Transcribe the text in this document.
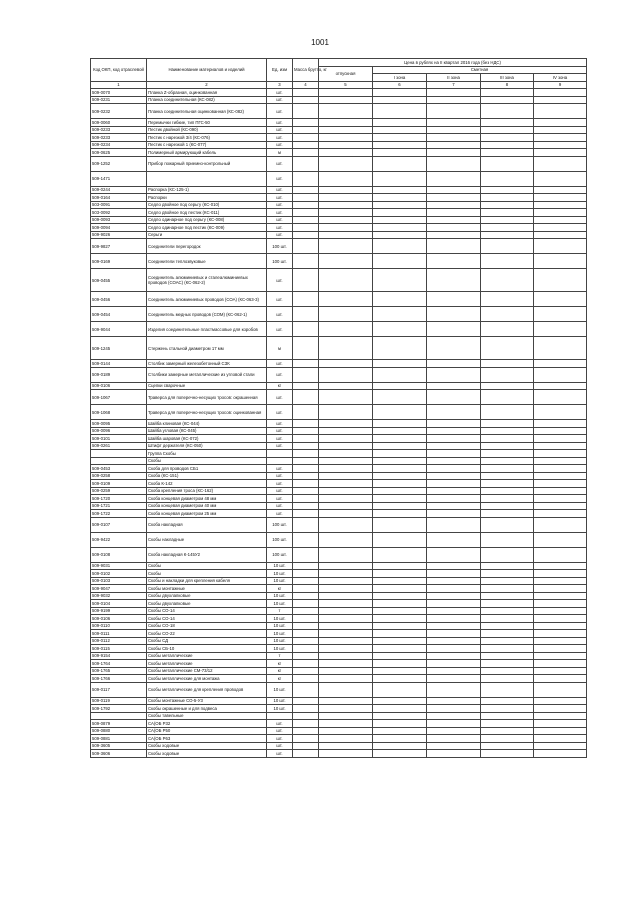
1001
Код ОКП, код отраслевой	Наименование материалов и изделий	Ед. изм	Масса брутто, кг	Цена в рублях на II квартал 2016 года (без НДС)				
				отпускная	Сметная			
					I зона	II зона	III зона	IV зона
1	2	3	4	5	6	7	8	9
509-0070	Планка Z-образная, оцинкованная	шт.						
509-0231	Планка соединительная (КС-082)	шт.						
509-0232	Планка соединительная оцинкованная (КС-082)	шт.						
509-0060	Перемычки гибкие, тип ПГС-50	шт.						
509-0233	Пестик двойной (КС-090)	шт.						
509-0233	Пестик с нарезкой 3/4 (КС-076)	шт.						
509-0234	Пестик с нарезкой 1 (КС-077)	шт.						
509-0625	Полимерный армирующий кабель	м						
509-1252	Прибор пожарный приемно-контрольный	шт.						
509-1471		шт.						
509-0244	Распорка (КС-125-1)	шт.						
509-0164	Распорки	шт.						
503-0091	Седло двойное под серьгу (КС-010)	шт.						
503-0092	Седло двойное под пестик (КС-011)	шт.						
509-0093	Седло одинарное под серьгу (КС-008)	шт.						
509-0094	Седло одинарное под пестик (КС-009)	шт.						
509-9026	Серьги	шт.						
509-9827	Соединители перегородок	100 шт.						
509-0169	Соединители теплозвуковые	100 шт.						
509-0455	Соединитель алюминиевых и сталеалюминиевых проводов (СОАС) (КС-062-2)	шт.						
509-0456	Соединитель алюминиевых проводов (СОА) (КС-063-3)	шт.						
509-0454	Соединитель медных проводов (СОМ) (КС-062-1)	шт.						
509-9044	Изделия соединительные пластмассовые для коробов	шт.						
509-1245	Стержень стальной диаметром 17 мм	м						
509-0144	Столбик замерный железобетонный СЗК	шт.						
509-0189	Столбики замерные металлические из угловой стали	шт.						
509-0106	Сцепки сварочные	кг						
509-1067	Траверса для поперечно-несущих тросов: окрашенная	шт.						
509-1068	Траверса для поперечно-несущих тросов: оцинкованная	шт.						
509-0095	Шайба клиновая (КС-044)	шт.						
509-0096	Шайба угловая (КС-045)	шт.						
509-0101	Шайба шаровая (КС-072)	шт.						
509-0261	Штифт держателя (КС-050)	шт.						
	Группа Скобы							
	Скобы							
509-0453	Скоба для проводов СБ1	шт.						
509-0258	Скоба (КС-151)	шт.						
509-0109	Скоба К-142	шт.						
509-0259	Скоба крепления троса (КС-162)	шт.						
509-1720	Скоба концевая диаметром 48 мм	шт.						
509-1721	Скоба концевая диаметром 40 мм	шт.						
509-1722	Скоба концевая диаметром 25 мм	шт.						
509-0107	Скоба накладная	100 шт.						
509-9422	Скобы накладные	100 шт.						
509-0108	Скоба накладная К-145У2	100 шт.						
509-9031	Скобы	10 шт.						
509-0102	Скобы	10 шт.						
509-0103	Скобы и накладки для крепления кабеля	10 шт.						
509-9047	Скобы монтажные	кг						
509-9032	Скобы двухлапковые	10 шт.						
509-0104	Скобы двухлапковые	10 шт.						
509-9199	Скобы СО-14	т						
509-0106	Скобы СО-14	10 шт.						
509-0110	Скобы СО-18	10 шт.						
509-0111	Скобы СО-22	10 шт.						
509-0112	Скобы СД	10 шт.						
509-0115	Скобы СБ-10	10 шт.						
509-9154	Скобы металлические	т						
509-1764	Скобы металлические	кг						
509-1765	Скобы металлические СМ-73/12	кг						
509-1766	Скобы металлические для монтажа	кг						
509-0117	Скобы металлические для крепления проводов	10 шт.						
509-0119	Скобы монтажные СО-5-У3	10 шт.						
509-1792	Скобы окрашенные и для подвеса	10 шт.						
	Скобы тавельные							
509-0879	СА(ОБ Р32	шт.						
509-0880	СА(ОБ Р50	шт.						
509-0881	СА(ОБ Р63	шт.						
509-3605	Скобы ходовые	шт.						
509-3606	Скобы ходовые	шт.						
